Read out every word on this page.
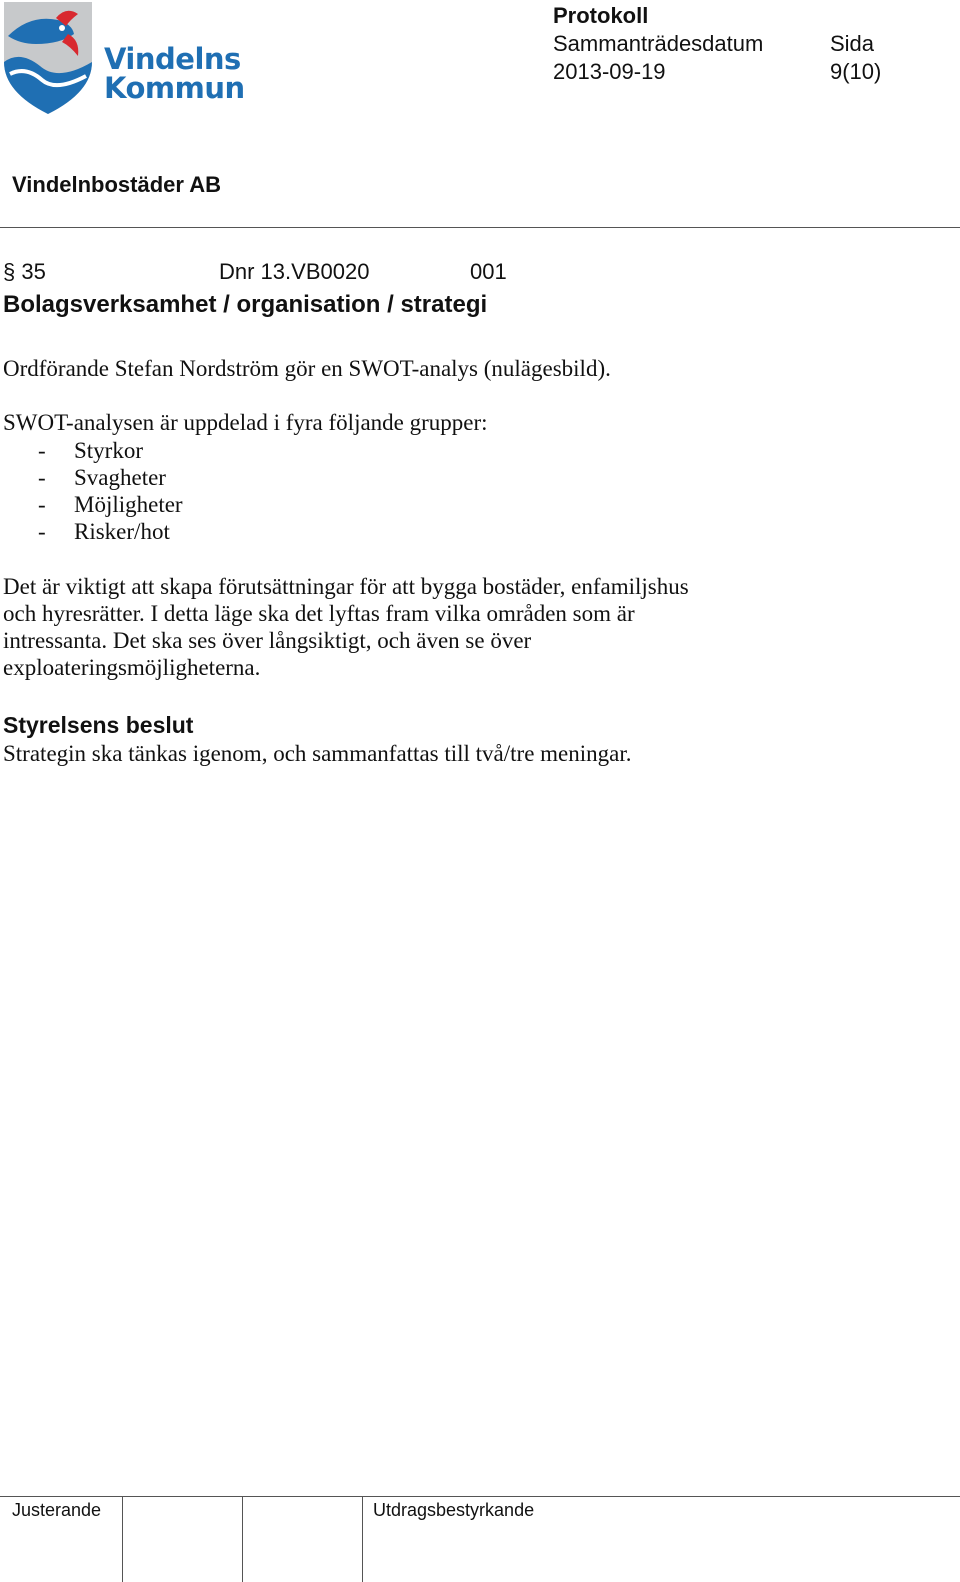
Vindelns
Kommun
Protokoll
Sammanträdesdatum	Sida
2013-09-19	9(10)
Vindelnbostäder AB
§ 35	Dnr 13.VB0020	001
Bolagsverksamhet / organisation / strategi
Ordförande Stefan Nordström gör en SWOT-analys (nulägesbild).
SWOT-analysen är uppdelad i fyra följande grupper:
- Styrkor
- Svagheter
- Möjligheter
- Risker/hot
Det är viktigt att skapa förutsättningar för att bygga bostäder, enfamiljshus
och hyresrätter. I detta läge ska det lyftas fram vilka områden som är
intressanta. Det ska ses över långsiktigt, och även se över
exploateringsmöjligheterna.
Styrelsens beslut
Strategin ska tänkas igenom, och sammanfattas till två/tre meningar.
Justerande	Utdragsbestyrkande
